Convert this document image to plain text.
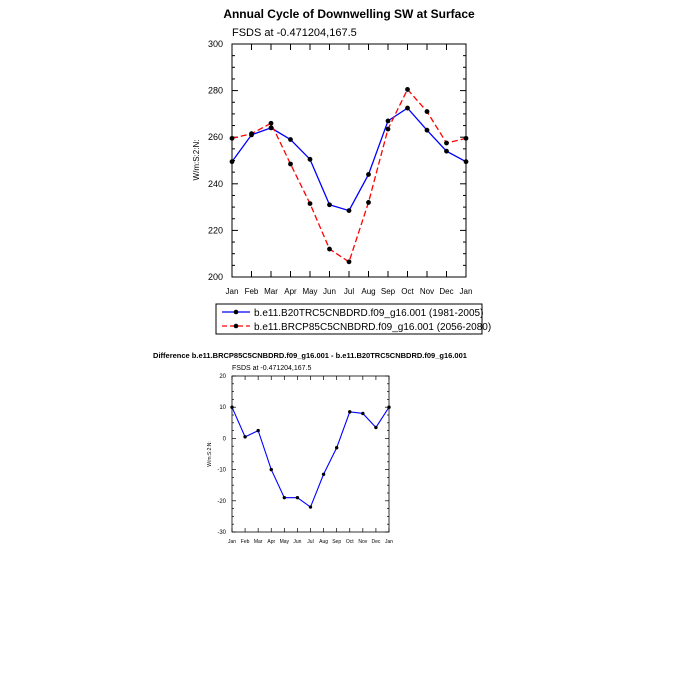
Annual Cycle of Downwelling SW at Surface
FSDS at -0.471204,167.5
200
220
240
260
280
300
Jan Feb Mar Apr May Jun Jul Aug Sep Oct Nov Dec Jan
W/m:S:2:N:
b.e11.B20TRC5CNBDRD.f09_g16.001 (1981-2005)
b.e11.BRCP85C5CNBDRD.f09_g16.001 (2056-2080)
Difference b.e11.BRCP85C5CNBDRD.f09_g16.001 - b.e11.B20TRC5CNBDRD.f09_g16.001
FSDS at -0.471204,167.5
-30
-20
-10
0
10
20
Jan Feb Mar Apr May Jun Jul Aug Sep Oct Nov Dec Jan
W/m:S:2:N:
